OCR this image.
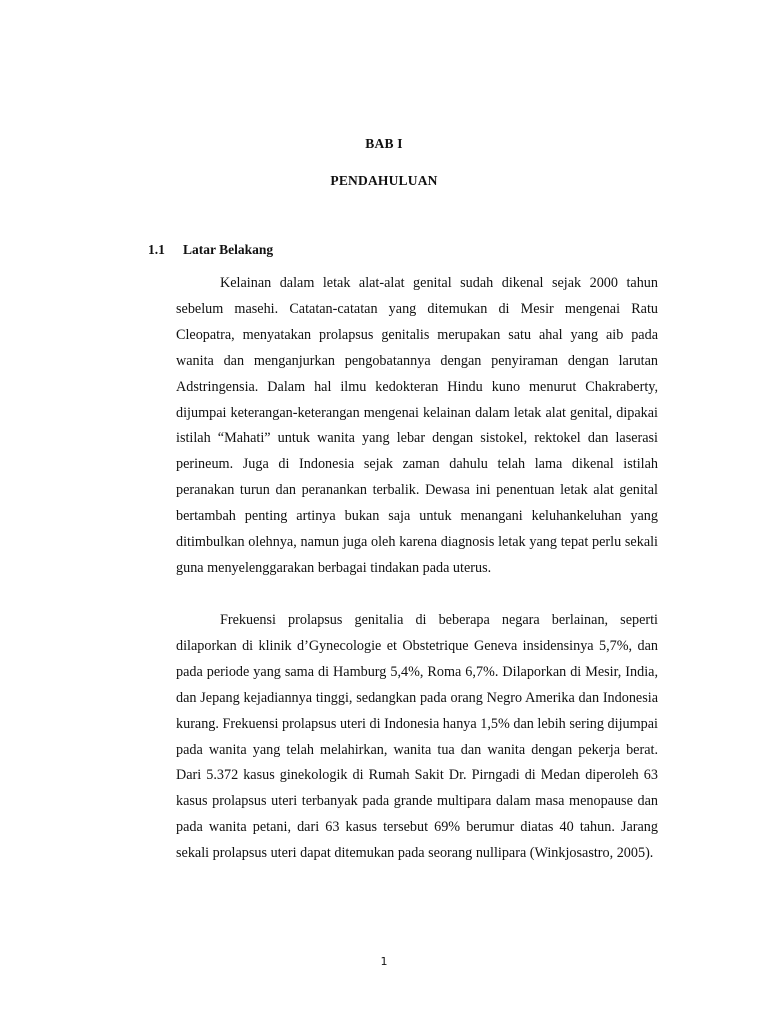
BAB I
PENDAHULUAN
1.1 Latar Belakang

Kelainan dalam letak alat-alat genital sudah dikenal sejak 2000 tahun sebelum masehi. Catatan-catatan yang ditemukan di Mesir mengenai Ratu Cleopatra, menyatakan prolapsus genitalis merupakan satu ahal yang aib pada wanita dan menganjurkan pengobatannya dengan penyiraman dengan larutan Adstringensia. Dalam hal ilmu kedokteran Hindu kuno menurut Chakraberty, dijumpai keterangan-keterangan mengenai kelainan dalam letak alat genital, dipakai istilah “Mahati” untuk wanita yang lebar dengan sistokel, rektokel dan laserasi perineum. Juga di Indonesia sejak zaman dahulu telah lama dikenal istilah peranakan turun dan peranankan terbalik. Dewasa ini penentuan letak alat genital bertambah penting artinya bukan saja untuk menangani keluhankeluhan yang ditimbulkan olehnya, namun juga oleh karena diagnosis letak yang tepat perlu sekali guna menyelenggarakan berbagai tindakan pada uterus.

Frekuensi prolapsus genitalia di beberapa negara berlainan, seperti dilaporkan di klinik d’Gynecologie et Obstetrique Geneva insidensinya 5,7%, dan pada periode yang sama di Hamburg 5,4%, Roma 6,7%. Dilaporkan di Mesir, India, dan Jepang kejadiannya tinggi, sedangkan pada orang Negro Amerika dan Indonesia kurang. Frekuensi prolapsus uteri di Indonesia hanya 1,5% dan lebih sering dijumpai pada wanita yang telah melahirkan, wanita tua dan wanita dengan pekerja berat. Dari 5.372 kasus ginekologik di Rumah Sakit Dr. Pirngadi di Medan diperoleh 63 kasus prolapsus uteri terbanyak pada grande multipara dalam masa menopause dan pada wanita petani, dari 63 kasus tersebut 69% berumur diatas 40 tahun. Jarang sekali prolapsus uteri dapat ditemukan pada seorang nullipara (Winkjosastro, 2005).

1
